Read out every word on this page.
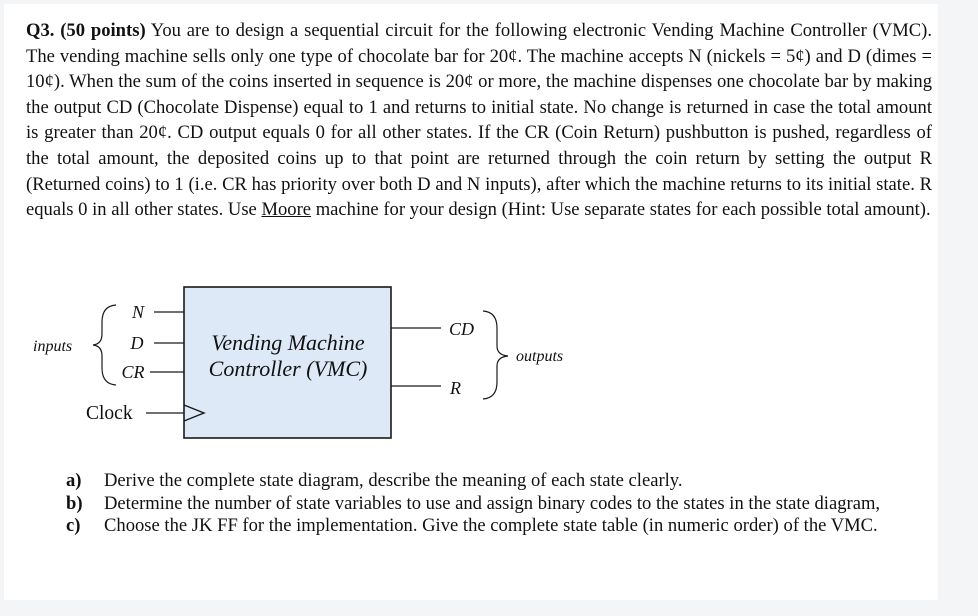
Q3. (50 points) You are to design a sequential circuit for the following electronic Vending Machine Controller (VMC). The vending machine sells only one type of chocolate bar for 20¢. The machine accepts N (nickels = 5¢) and D (dimes = 10¢). When the sum of the coins inserted in sequence is 20¢ or more, the machine dispenses one chocolate bar by making the output CD (Chocolate Dispense) equal to 1 and returns to initial state. No change is returned in case the total amount is greater than 20¢. CD output equals 0 for all other states. If the CR (Coin Return) pushbutton is pushed, regardless of the total amount, the deposited coins up to that point are returned through the coin return by setting the output R (Returned coins) to 1 (i.e. CR has priority over both D and N inputs), after which the machine returns to its initial state. R equals 0 in all other states. Use Moore machine for your design (Hint: Use separate states for each possible total amount).

Vending Machine
Controller (VMC)
N
D
CR
inputs
Clock
CD
R
outputs
a) Derive the complete state diagram, describe the meaning of each state clearly.
b) Determine the number of state variables to use and assign binary codes to the states in the state diagram,
c) Choose the JK FF for the implementation. Give the complete state table (in numeric order) of the VMC.
